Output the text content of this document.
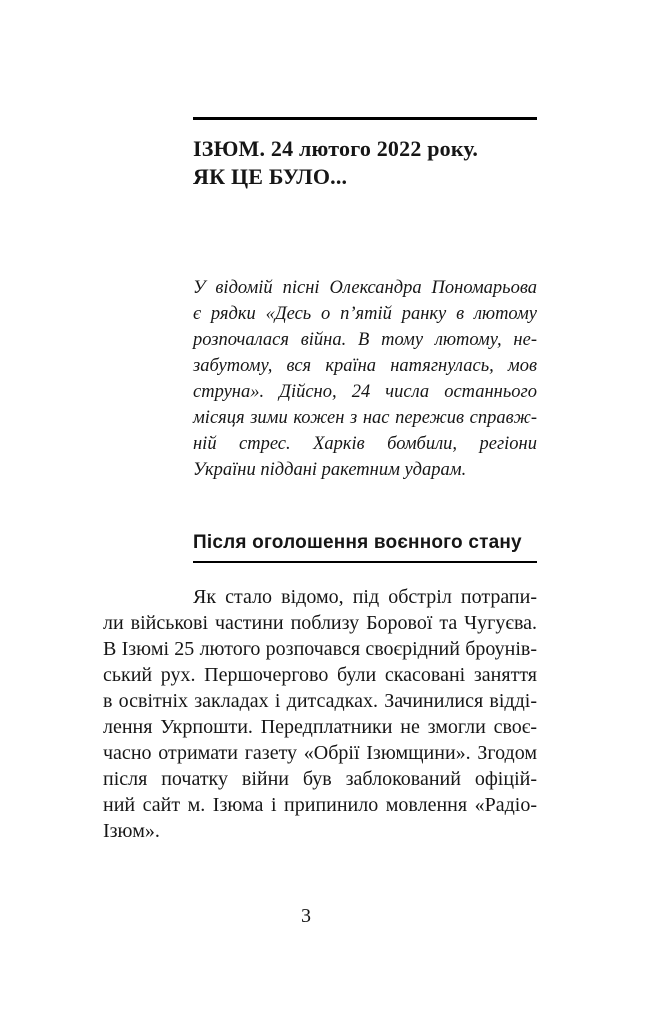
ІЗЮМ. 24 лютого 2022 року.
ЯК ЦЕ БУЛО...
У відомій пісні Олександра Пономарьова
є рядки «Десь о п’ятій ранку в лютому
розпочалася війна. В тому лютому, не-
забутому, вся країна натягнулась, мов
струна». Дійсно, 24 числа останнього
місяця зими кожен з нас пережив справж-
ній стрес. Харків бомбили, регіони
України піддані ракетним ударам.
Після оголошення воєнного стану
Як стало відомо, під обстріл потрапи-
ли військові частини поблизу Борової та Чугуєва.
В Ізюмі 25 лютого розпочався своєрідний броунів-
ський рух. Першочергово були скасовані заняття
в освітніх закладах і дитсадках. Зачинилися відді-
лення Укрпошти. Передплатники не змогли своє-
часно отримати газету «Обрії Ізюмщини». Згодом
після початку війни був заблокований офіцій-
ний сайт м. Ізюма і припинило мовлення «Радіо-
Ізюм».
3
